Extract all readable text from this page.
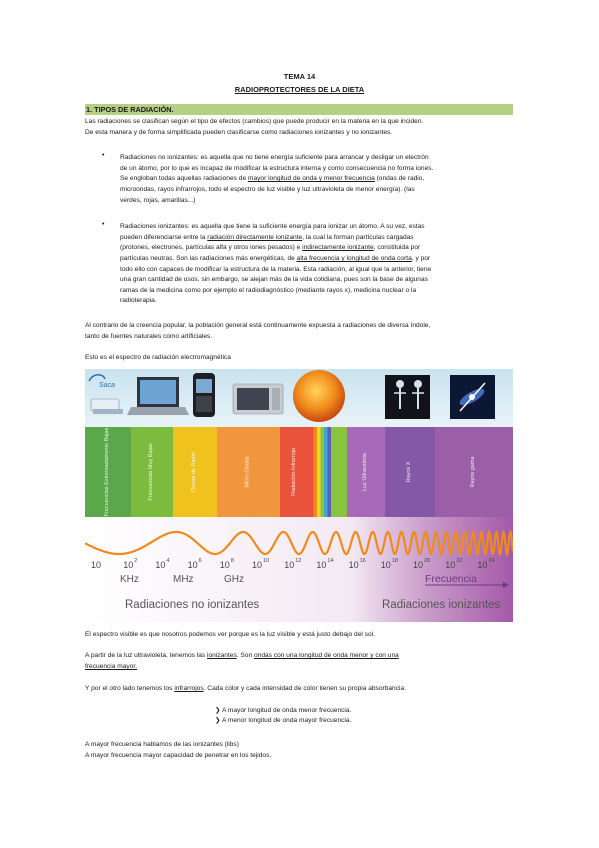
TEMA 14
RADIOPROTECTORES DE LA DIETA
1. TIPOS DE RADIACIÓN.
Las radiaciones se clasifican según el tipo de efectos (cambios) que puede producir en la materia en la que inciden.
De esta manera y de forma simplificada pueden clasificarse como radiaciones ionizantes y no ionizantes.
• Radiaciones no ionizantes: es aquella que no tiene energía suficiente para arrancar y desligar un electrón
de un átomo, por lo que es incapaz de modificar la estructura interna y como consecuencia no forma iones.
Se engloban todas aquellas radiaciones de mayor longitud de onda y menor frecuencia (ondas de radio,
microondas, rayos infrarrojos, todo el espectro de luz visible y luz ultravioleta de menor energía). (las
verdes, rojas, amarillas...)
• Radiaciones ionizantes: es aquella que tiene la suficiente energía para ionizar un átomo. A su vez, estas
pueden diferenciarse entre la radiación directamente ionizante, la cual la forman partículas cargadas
(protones, electrones, partículas alfa y otros iones pesados) e indirectamente ionizante, constituida por
partículas neutras. Son las radiaciones más energéticas, de alta frecuencia y longitud de onda corta, y por
todo ello con capaces de modificar la estructura de la materia. Esta radiación, al igual que la anterior, tiene
una gran cantidad de usos, sin embargo, se alejan más de la vida cotidiana, pues son la base de algunas
ramas de la medicina como por ejemplo el radiodiagnóstico (mediante rayos x), medicina nuclear o la
radioterapia.
Al contrario de la creencia popular, la población general está continuamente expuesta a radiaciones de diversa índole,
tanto de fuentes naturales como artificiales.
Esto es el espectro de radiación electromagnética
Saca
Frecuencias Extremadamente Bajas	Frecuencias Muy Bajas	Ondas de Radio	Micro Ondas	Radiación Infrarroja	Luz Ultravioleta	Rayos X	Rayos gama
10 10 2 10 4 10 6 10 8 10 10 10 12 10 14 10 16 10 18 10 20 10 22 10 24
KHz	MHz	GHz	Frecuencia
Radiaciones no ionizantes	Radiaciones ionizantes
El espectro visible es que nosotros podemos ver porque es la luz visible y está justo debajo del sol.
A partir de la luz ultravioleta, tenemos las ionizantes. Son ondas con una longitud de onda menor y con una
frecuencia mayor.
Y por el otro lado tenemos los infrarrojos. Cada color y cada intensidad de color tienen su propia absorbancia.
❯ A mayor longitud de onda menor frecuencia.
❯ A menor longitud de onda mayor frecuencia.
A mayor frecuencia hablamos de las ionizantes (libs)
A mayor frecuencia mayor capacidad de penetrar en los tejidos.
